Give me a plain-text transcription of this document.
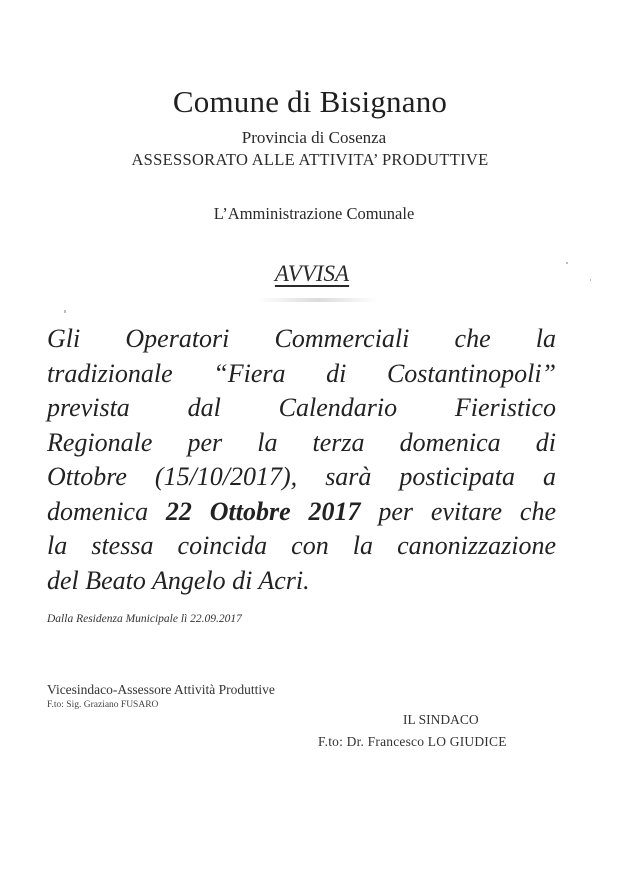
Comune di Bisignano
Provincia di Cosenza
ASSESSORATO ALLE ATTIVITA’ PRODUTTIVE
L’Amministrazione Comunale
AVVISA
Gli Operatori Commerciali che la
tradizionale “Fiera di Costantinopoli”
prevista dal Calendario Fieristico
Regionale per la terza domenica di
Ottobre (15/10/2017), sarà posticipata a
domenica 22 Ottobre 2017 per evitare che
la stessa coincida con la canonizzazione
del Beato Angelo di Acri.
Dalla Residenza Municipale lì 22.09.2017
Vicesindaco-Assessore Attività Produttive
F.to: Sig. Graziano FUSARO
IL SINDACO
F.to: Dr. Francesco LO GIUDICE
